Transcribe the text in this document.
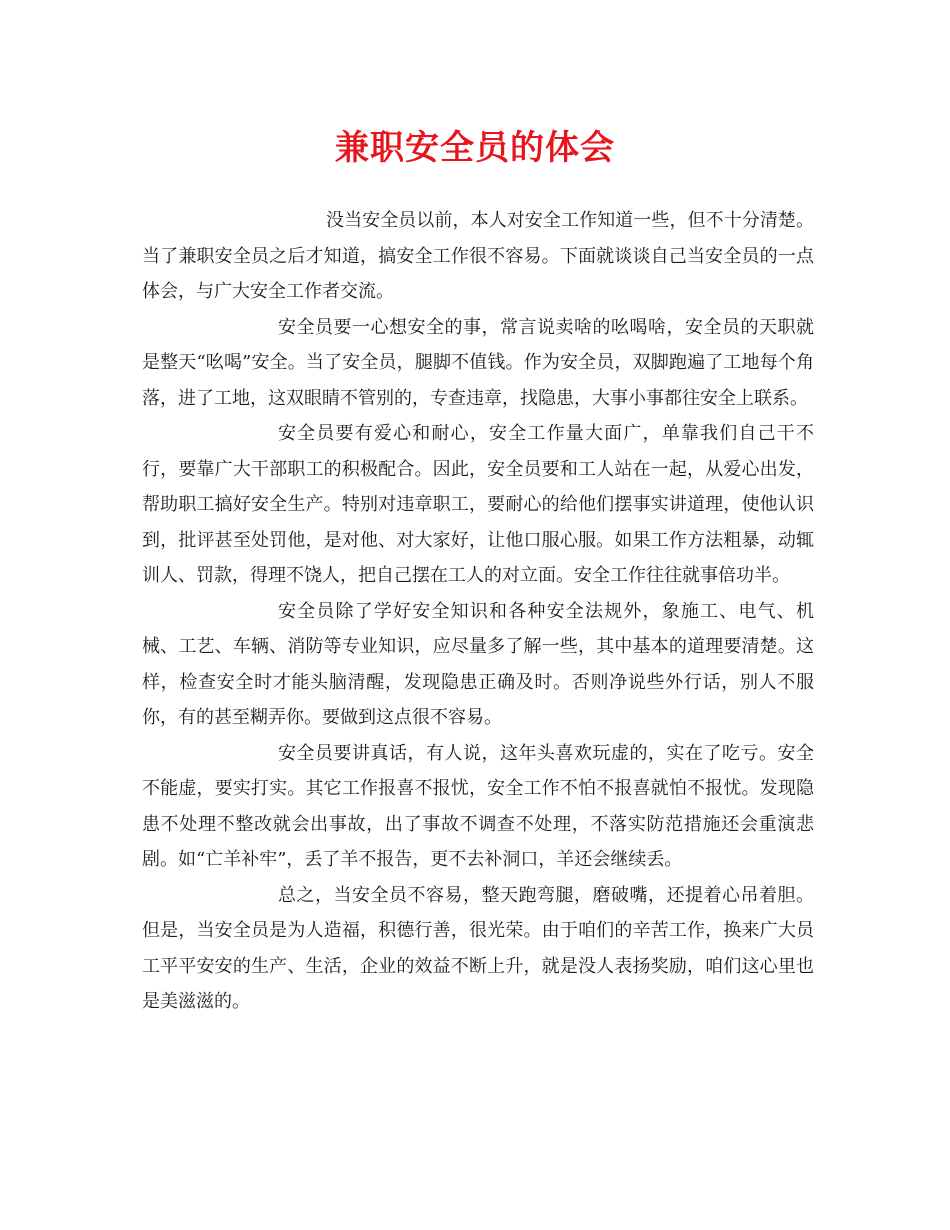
兼职安全员的体会

没当安全员以前，本人对安全工作知道一些，但不十分清楚。当了兼职安全员之后才知道，搞安全工作很不容易。下面就谈谈自己当安全员的一点体会，与广大安全工作者交流。

安全员要一心想安全的事，常言说卖啥的吆喝啥，安全员的天职就是整天“吆喝”安全。当了安全员，腿脚不值钱。作为安全员，双脚跑遍了工地每个角落，进了工地，这双眼睛不管别的，专查违章，找隐患，大事小事都往安全上联系。

安全员要有爱心和耐心，安全工作量大面广，单靠我们自己干不行，要靠广大干部职工的积极配合。因此，安全员要和工人站在一起，从爱心出发，帮助职工搞好安全生产。特别对违章职工，要耐心的给他们摆事实讲道理，使他认识到，批评甚至处罚他，是对他、对大家好，让他口服心服。如果工作方法粗暴，动辄训人、罚款，得理不饶人，把自己摆在工人的对立面。安全工作往往就事倍功半。

安全员除了学好安全知识和各种安全法规外，象施工、电气、机械、工艺、车辆、消防等专业知识，应尽量多了解一些，其中基本的道理要清楚。这样，检查安全时才能头脑清醒，发现隐患正确及时。否则净说些外行话，别人不服你，有的甚至糊弄你。要做到这点很不容易。

安全员要讲真话，有人说，这年头喜欢玩虚的，实在了吃亏。安全不能虚，要实打实。其它工作报喜不报忧，安全工作不怕不报喜就怕不报忧。发现隐患不处理不整改就会出事故，出了事故不调查不处理，不落实防范措施还会重演悲剧。如“亡羊补牢”，丢了羊不报告，更不去补洞口，羊还会继续丢。

总之，当安全员不容易，整天跑弯腿，磨破嘴，还提着心吊着胆。但是，当安全员是为人造福，积德行善，很光荣。由于咱们的辛苦工作，换来广大员工平平安安的生产、生活，企业的效益不断上升，就是没人表扬奖励，咱们这心里也是美滋滋的。
